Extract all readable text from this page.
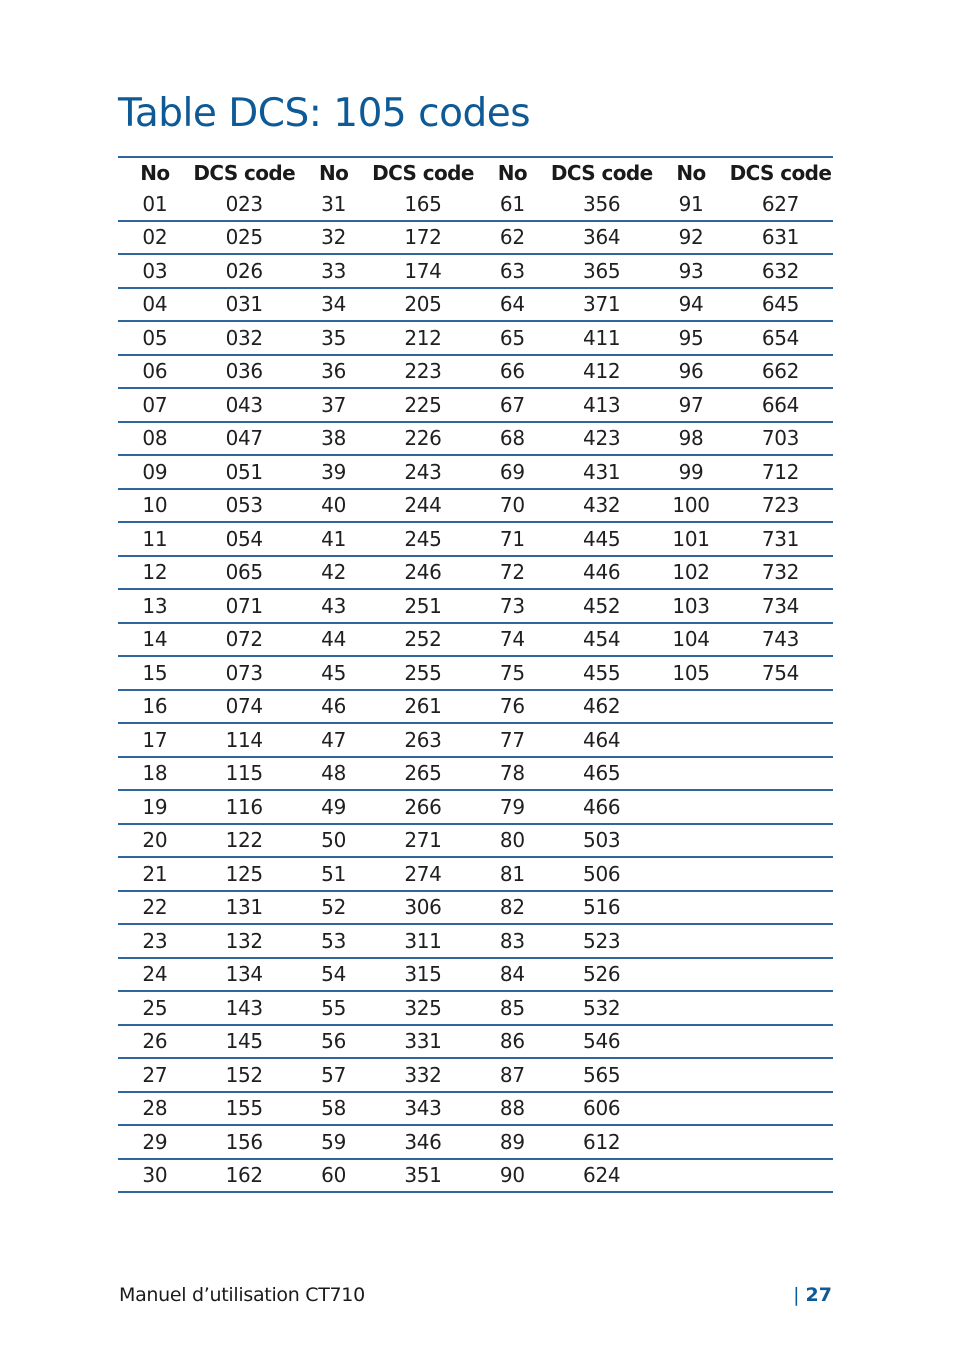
Table DCS: 105 codes
No	DCS code	No	DCS code	No	DCS code	No	DCS code
01	023	31	165	61	356	91	627
02	025	32	172	62	364	92	631
03	026	33	174	63	365	93	632
04	031	34	205	64	371	94	645
05	032	35	212	65	411	95	654
06	036	36	223	66	412	96	662
07	043	37	225	67	413	97	664
08	047	38	226	68	423	98	703
09	051	39	243	69	431	99	712
10	053	40	244	70	432	100	723
11	054	41	245	71	445	101	731
12	065	42	246	72	446	102	732
13	071	43	251	73	452	103	734
14	072	44	252	74	454	104	743
15	073	45	255	75	455	105	754
16	074	46	261	76	462		
17	114	47	263	77	464		
18	115	48	265	78	465		
19	116	49	266	79	466		
20	122	50	271	80	503		
21	125	51	274	81	506		
22	131	52	306	82	516		
23	132	53	311	83	523		
24	134	54	315	84	526		
25	143	55	325	85	532		
26	145	56	331	86	546		
27	152	57	332	87	565		
28	155	58	343	88	606		
29	156	59	346	89	612		
30	162	60	351	90	624		
Manuel d’utilisation CT710	| 27
